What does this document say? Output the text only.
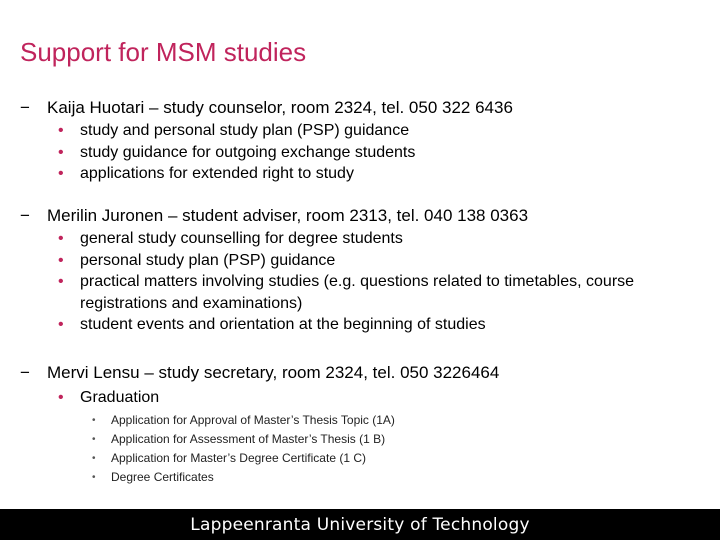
Support for MSM studies
− Kaija Huotari – study counselor, room 2324, tel. 050 322 6436
• study and personal study plan (PSP) guidance
• study guidance for outgoing exchange students
• applications for extended right to study
− Merilin Juronen – student adviser, room 2313, tel. 040 138 0363
• general study counselling for degree students
• personal study plan (PSP) guidance
• practical matters involving studies (e.g. questions related to timetables, course registrations and examinations)
• student events and orientation at the beginning of studies
− Mervi Lensu – study secretary, room 2324, tel. 050 3226464
• Graduation
• Application for Approval of Master’s Thesis Topic (1A)
• Application for Assessment of Master’s Thesis (1 B)
• Application for Master’s Degree Certificate (1 C)
• Degree Certificates
Lappeenranta University of Technology
